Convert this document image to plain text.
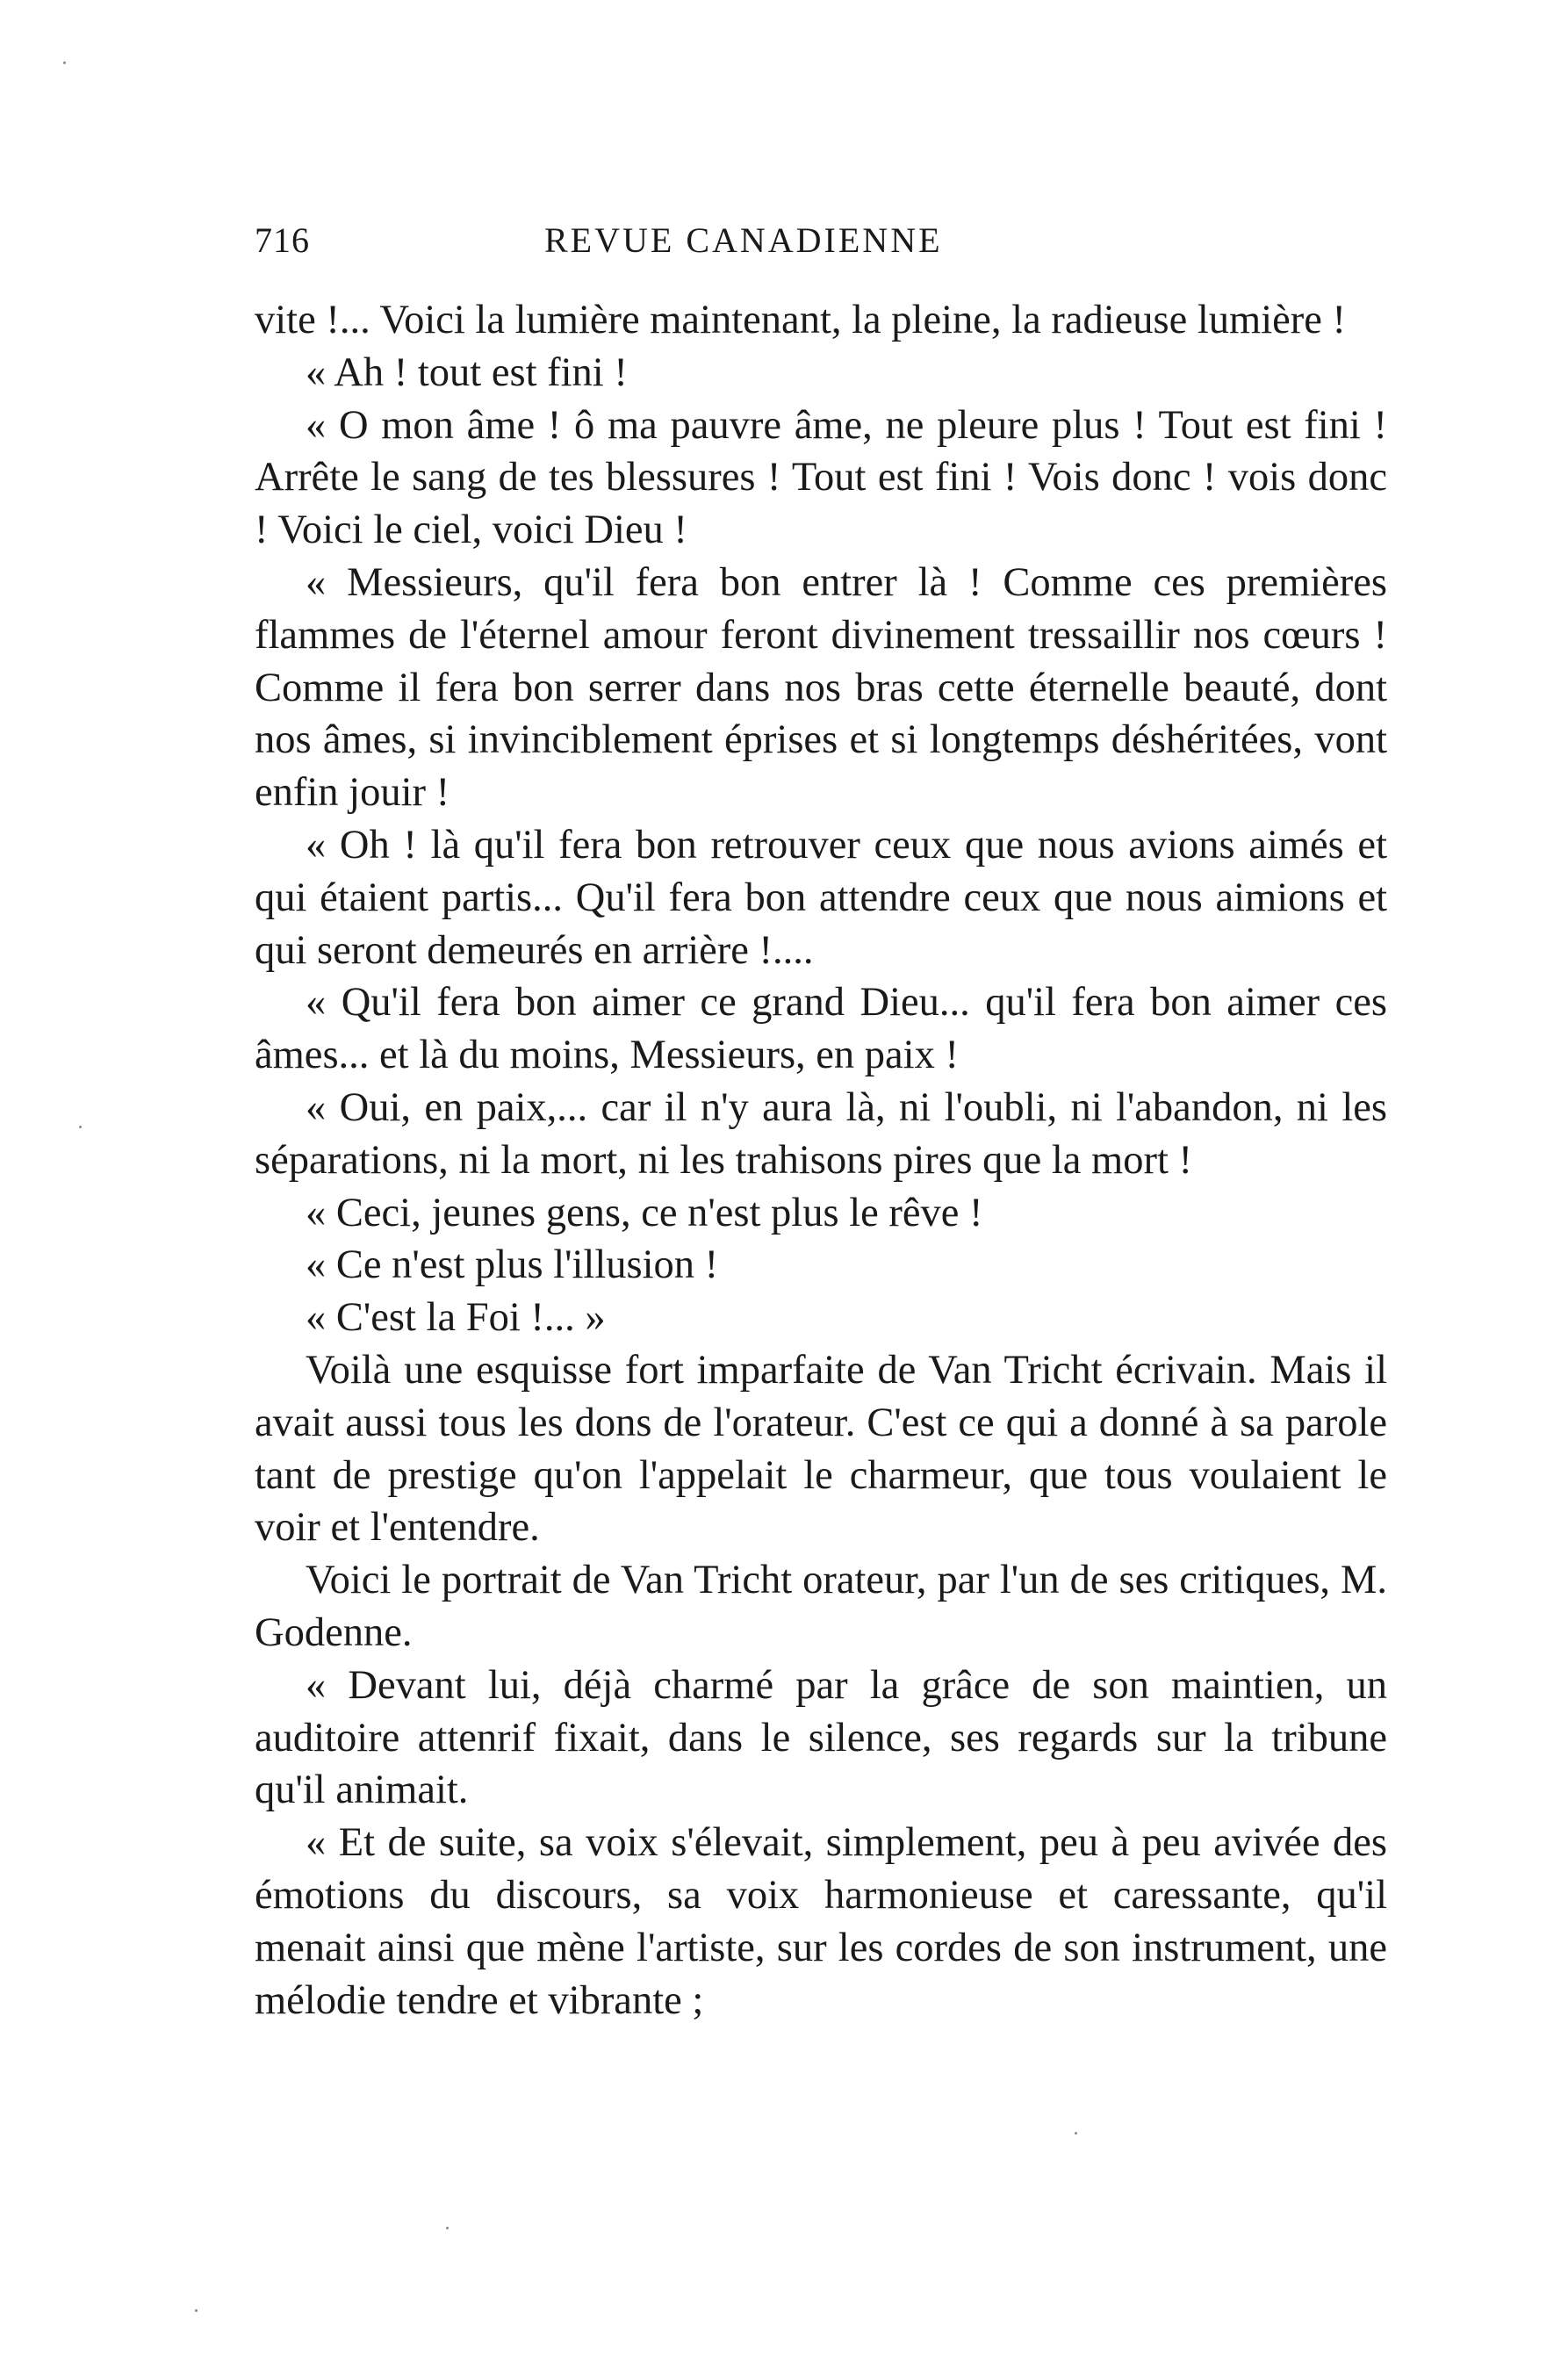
716	REVUE CANADIENNE

vite !... Voici la lumière maintenant, la pleine, la radieuse lumière !

« Ah ! tout est fini !

« O mon âme ! ô ma pauvre âme, ne pleure plus ! Tout est fini ! Arrête le sang de tes blessures ! Tout est fini ! Vois donc ! vois donc ! Voici le ciel, voici Dieu !

« Messieurs, qu'il fera bon entrer là ! Comme ces premières flammes de l'éternel amour feront divinement tressaillir nos cœurs ! Comme il fera bon serrer dans nos bras cette éternelle beauté, dont nos âmes, si invinciblement éprises et si longtemps déshéritées, vont enfin jouir !

« Oh ! là qu'il fera bon retrouver ceux que nous avions aimés et qui étaient partis... Qu'il fera bon attendre ceux que nous aimions et qui seront demeurés en arrière !....

« Qu'il fera bon aimer ce grand Dieu... qu'il fera bon aimer ces âmes... et là du moins, Messieurs, en paix !

« Oui, en paix,... car il n'y aura là, ni l'oubli, ni l'abandon, ni les séparations, ni la mort, ni les trahisons pires que la mort !

« Ceci, jeunes gens, ce n'est plus le rêve !

« Ce n'est plus l'illusion !

« C'est la Foi !... »

Voilà une esquisse fort imparfaite de Van Tricht écrivain. Mais il avait aussi tous les dons de l'orateur. C'est ce qui a donné à sa parole tant de prestige qu'on l'appelait le charmeur, que tous voulaient le voir et l'entendre.

Voici le portrait de Van Tricht orateur, par l'un de ses critiques, M. Godenne.

« Devant lui, déjà charmé par la grâce de son maintien, un auditoire attenrif fixait, dans le silence, ses regards sur la tribune qu'il animait.

« Et de suite, sa voix s'élevait, simplement, peu à peu avivée des émotions du discours, sa voix harmonieuse et caressante, qu'il menait ainsi que mène l'artiste, sur les cordes de son instrument, une mélodie tendre et vibrante ;
